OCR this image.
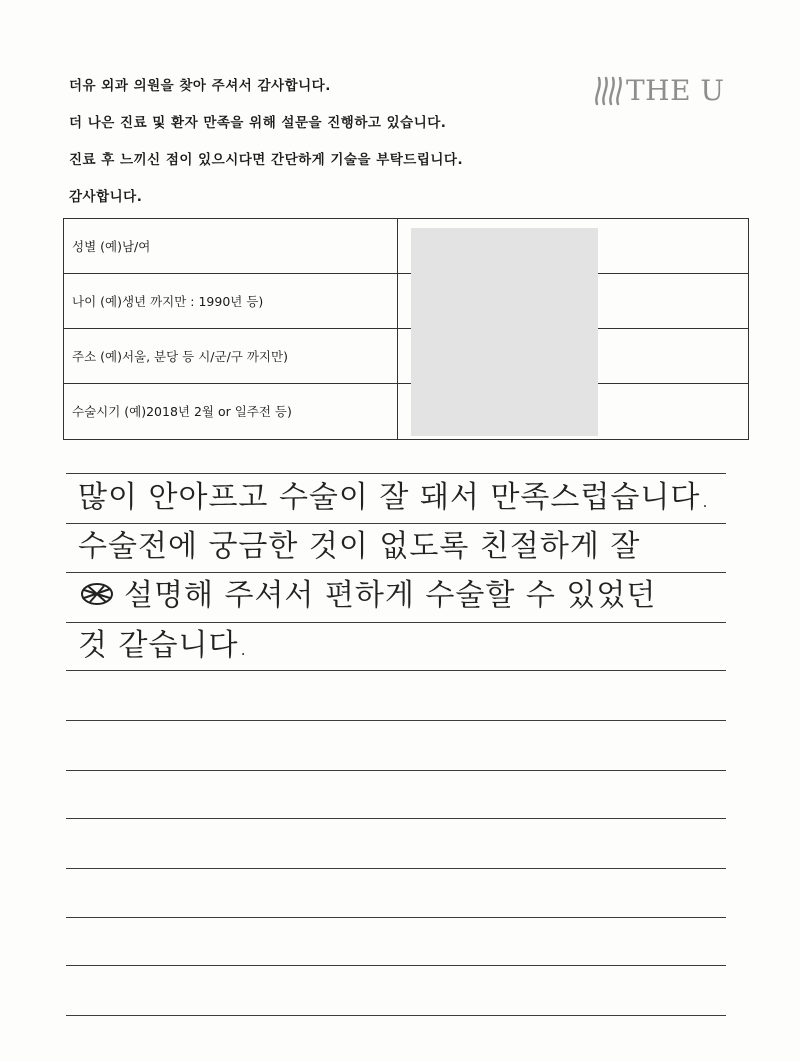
더유 외과 의원을 찾아 주셔서 감사합니다.
더 나은 진료 및 환자 만족을 위해 설문을 진행하고 있습니다.
진료 후 느끼신 점이 있으시다면 간단하게 기술을 부탁드립니다.
감사합니다.
THE U
성별 (예)남/여
나이 (예)생년 까지만 : 1990년 등)
주소 (예)서울, 분당 등 시/군/구 까지만)
수술시기 (예)2018년 2월 or 일주전 등)
많이 안아프고 수술이 잘 돼서 만족스럽습니다.
수술전에 궁금한 것이 없도록 친절하게 잘
설명해 주셔서 편하게 수술할 수 있었던
것 같습니다.
